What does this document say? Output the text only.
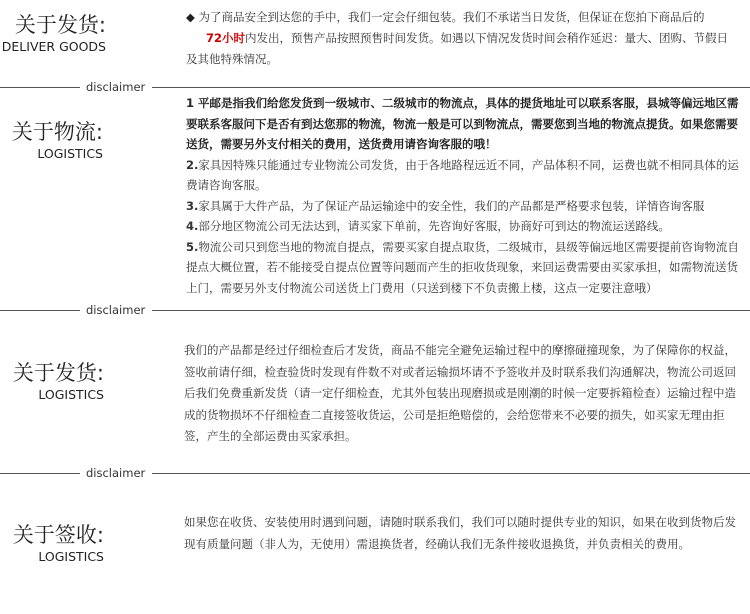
关于发货:
DELIVER GOODS

◆ 为了商品安全到达您的手中，我们一定会仔细包装。我们不承诺当日发货，但保证在您拍下商品后的 72小时内发出，预售产品按照预售时间发货。如遇以下情况发货时间会稍作延迟：量大、团购、节假日及其他特殊情况。

disclaimer
关于物流:
LOGISTICS

1 平邮是指我们给您发货到一级城市、二级城市的物流点，具体的提货地址可以联系客服，县城等偏远地区需要联系客服问下是否有到达您那的物流，物流一般是可以到物流点，需要您到当地的物流点提货。如果您需要送货，需要另外支付相关的费用，送货费用请咨询客服的哦！

2.家具因特殊只能通过专业物流公司发货，由于各地路程远近不同，产品体积不同，运费也就不相同具体的运费请咨询客服。

3.家具属于大件产品，为了保证产品运输途中的安全性，我们的产品都是严格要求包装，详情咨询客服

4.部分地区物流公司无法达到，请买家下单前，先咨询好客服，协商好可到达的物流运送路线。

5.物流公司只到您当地的物流自提点，需要买家自提点取货，二级城市，县级等偏远地区需要提前咨询物流自提点大概位置，若不能接受自提点位置等问题而产生的拒收货现象，来回运费需要由买家承担，如需物流送货上门，需要另外支付物流公司送货上门费用（只送到楼下不负责搬上楼，这点一定要注意哦）

disclaimer
关于发货:
LOGISTICS

我们的产品都是经过仔细检查后才发货，商品不能完全避免运输过程中的摩擦碰撞现象，为了保障你的权益，签收前请仔细，检查验货时发现有件数不对或者运输损坏请不予签收并及时联系我们沟通解决，物流公司返回后我们免费重新发货（请一定仔细检查，尤其外包装出现磨损或是刚潮的时候一定要拆箱检查）运输过程中造成的货物损坏不仔细检查二直接签收货运，公司是拒绝赔偿的，会给您带来不必要的损失，如买家无理由拒签，产生的全部运费由买家承担。

disclaimer
关于签收:
LOGISTICS

如果您在收货、安装使用时遇到问题，请随时联系我们，我们可以随时提供专业的知识，如果在收到货物后发现有质量问题（非人为，无使用）需退换货者，经确认我们无条件接收退换货，并负责相关的费用。
